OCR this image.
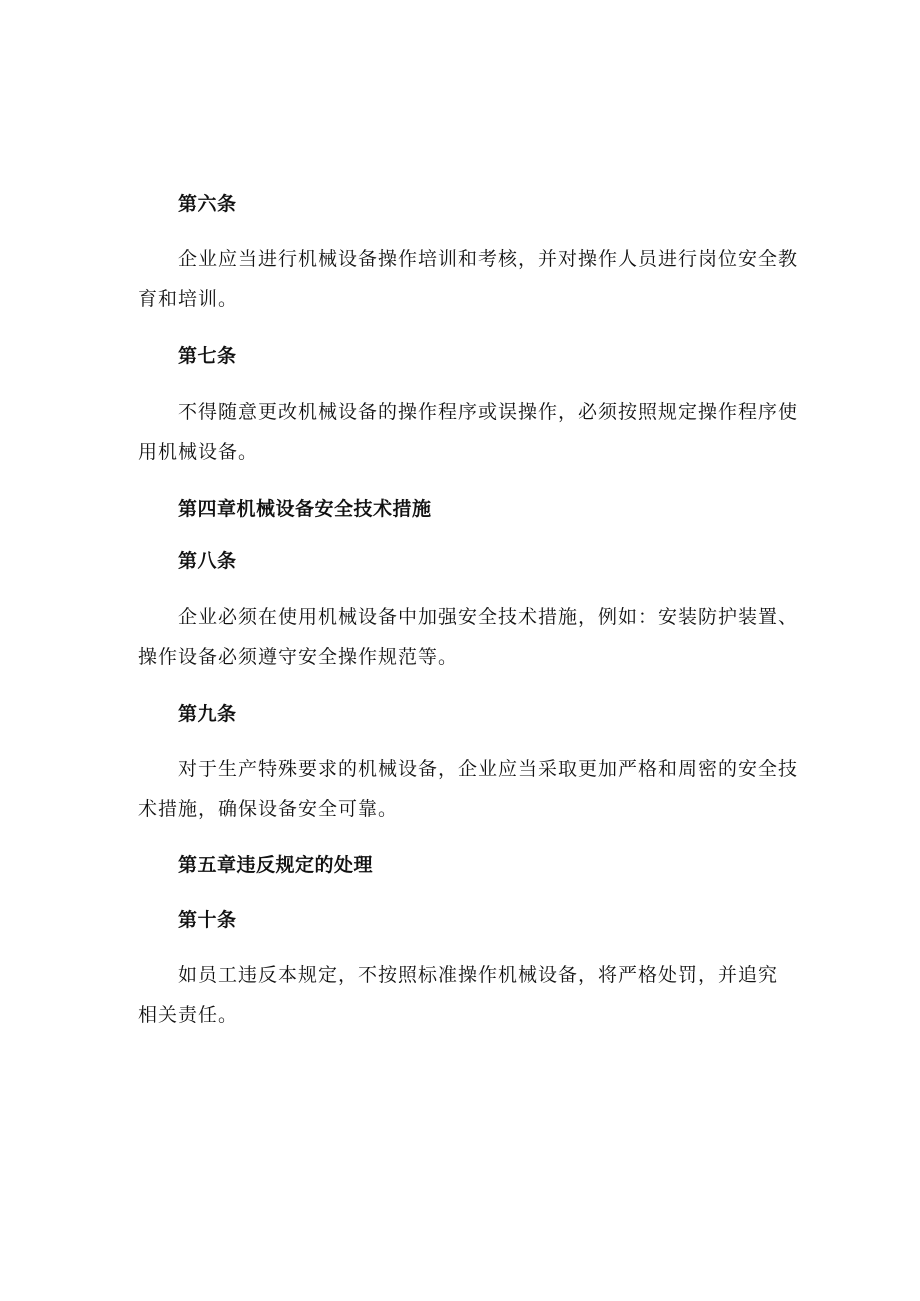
第六条
企业应当进行机械设备操作培训和考核，并对操作人员进行岗位安全教
育和培训。
第七条
不得随意更改机械设备的操作程序或误操作，必须按照规定操作程序使
用机械设备。
第四章机械设备安全技术措施
第八条
企业必须在使用机械设备中加强安全技术措施，例如：安装防护装置、
操作设备必须遵守安全操作规范等。
第九条
对于生产特殊要求的机械设备，企业应当采取更加严格和周密的安全技
术措施，确保设备安全可靠。
第五章违反规定的处理
第十条
如员工违反本规定，不按照标准操作机械设备，将严格处罚，并追究
相关责任。
